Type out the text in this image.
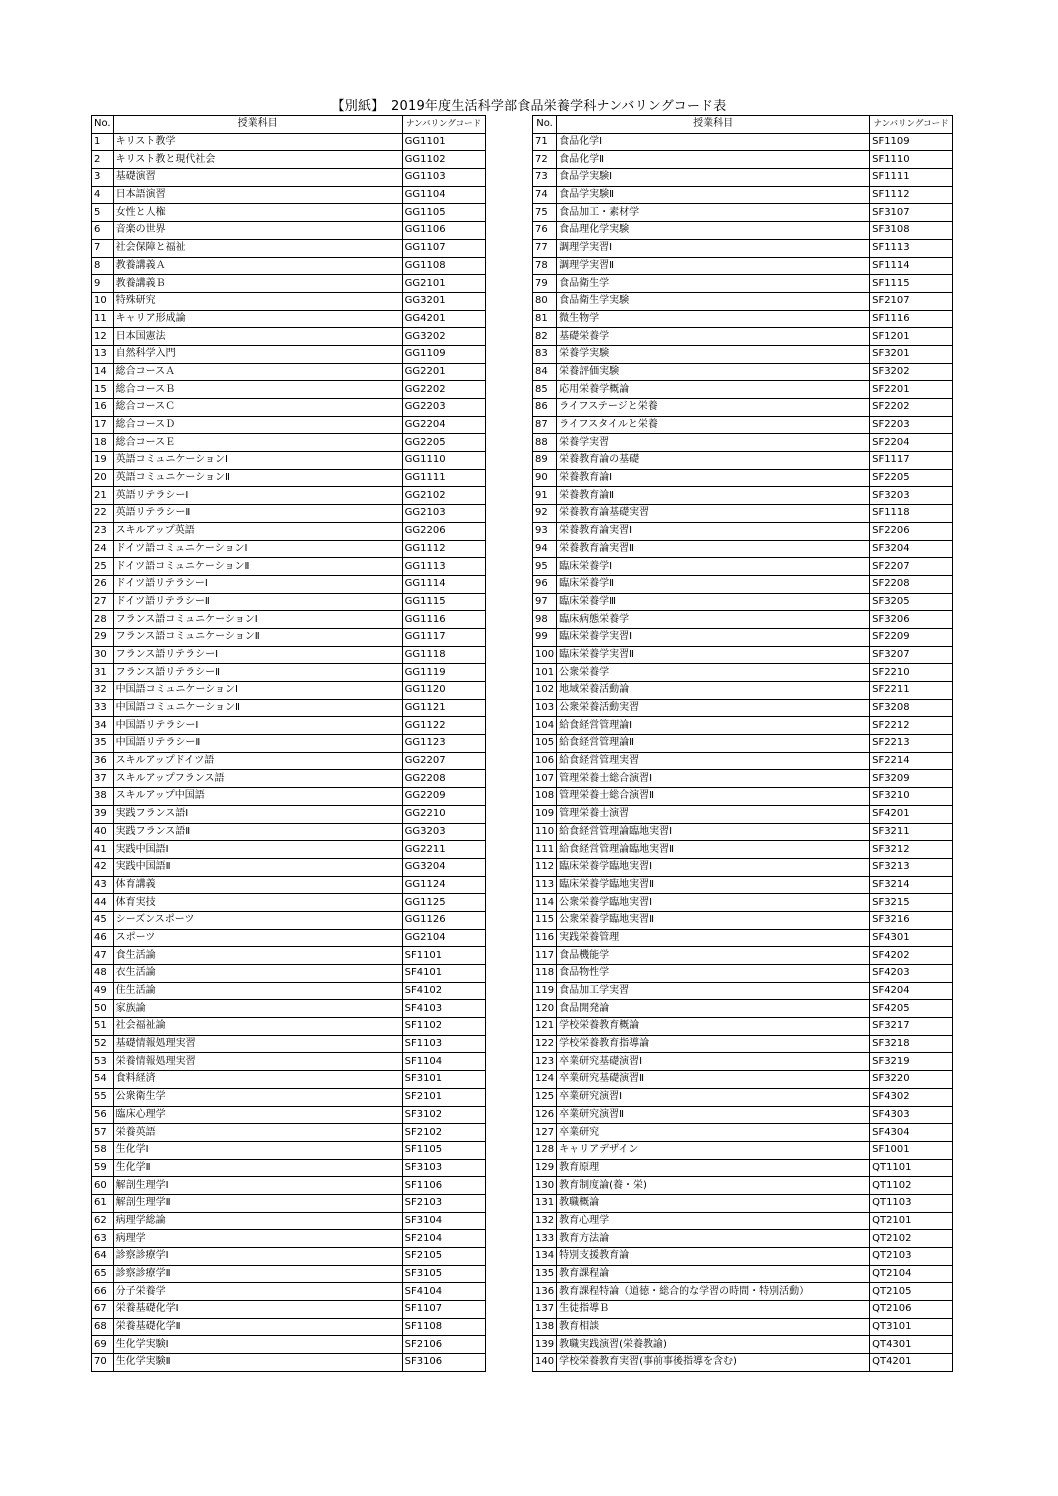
【別紙】　2019年度生活科学部食品栄養学科ナンバリングコード表
No.	授業科目	ナンバリングコード
1	キリスト教学	GG1101
2	キリスト教と現代社会	GG1102
3	基礎演習	GG1103
4	日本語演習	GG1104
5	女性と人権	GG1105
6	音楽の世界	GG1106
7	社会保障と福祉	GG1107
8	教養講義Ａ	GG1108
9	教養講義Ｂ	GG2101
10	特殊研究	GG3201
11	キャリア形成論	GG4201
12	日本国憲法	GG3202
13	自然科学入門	GG1109
14	総合コースＡ	GG2201
15	総合コースＢ	GG2202
16	総合コースＣ	GG2203
17	総合コースＤ	GG2204
18	総合コースＥ	GG2205
19	英語コミュニケーションⅠ	GG1110
20	英語コミュニケーションⅡ	GG1111
21	英語リテラシーⅠ	GG2102
22	英語リテラシーⅡ	GG2103
23	スキルアップ英語	GG2206
24	ドイツ語コミュニケーションⅠ	GG1112
25	ドイツ語コミュニケーションⅡ	GG1113
26	ドイツ語リテラシーⅠ	GG1114
27	ドイツ語リテラシーⅡ	GG1115
28	フランス語コミュニケーションⅠ	GG1116
29	フランス語コミュニケーションⅡ	GG1117
30	フランス語リテラシーⅠ	GG1118
31	フランス語リテラシーⅡ	GG1119
32	中国語コミュニケーションⅠ	GG1120
33	中国語コミュニケーションⅡ	GG1121
34	中国語リテラシーⅠ	GG1122
35	中国語リテラシーⅡ	GG1123
36	スキルアップドイツ語	GG2207
37	スキルアップフランス語	GG2208
38	スキルアップ中国語	GG2209
39	実践フランス語Ⅰ	GG2210
40	実践フランス語Ⅱ	GG3203
41	実践中国語Ⅰ	GG2211
42	実践中国語Ⅱ	GG3204
43	体育講義	GG1124
44	体育実技	GG1125
45	シーズンスポーツ	GG1126
46	スポーツ	GG2104
47	食生活論	SF1101
48	衣生活論	SF4101
49	住生活論	SF4102
50	家族論	SF4103
51	社会福祉論	SF1102
52	基礎情報処理実習	SF1103
53	栄養情報処理実習	SF1104
54	食料経済	SF3101
55	公衆衛生学	SF2101
56	臨床心理学	SF3102
57	栄養英語	SF2102
58	生化学Ⅰ	SF1105
59	生化学Ⅱ	SF3103
60	解剖生理学Ⅰ	SF1106
61	解剖生理学Ⅱ	SF2103
62	病理学総論	SF3104
63	病理学	SF2104
64	診察診療学Ⅰ	SF2105
65	診察診療学Ⅱ	SF3105
66	分子栄養学	SF4104
67	栄養基礎化学Ⅰ	SF1107
68	栄養基礎化学Ⅱ	SF1108
69	生化学実験Ⅰ	SF2106
70	生化学実験Ⅱ	SF3106
No.	授業科目	ナンバリングコード
71	食品化学Ⅰ	SF1109
72	食品化学Ⅱ	SF1110
73	食品学実験Ⅰ	SF1111
74	食品学実験Ⅱ	SF1112
75	食品加工・素材学	SF3107
76	食品理化学実験	SF3108
77	調理学実習Ⅰ	SF1113
78	調理学実習Ⅱ	SF1114
79	食品衛生学	SF1115
80	食品衛生学実験	SF2107
81	微生物学	SF1116
82	基礎栄養学	SF1201
83	栄養学実験	SF3201
84	栄養評価実験	SF3202
85	応用栄養学概論	SF2201
86	ライフステージと栄養	SF2202
87	ライフスタイルと栄養	SF2203
88	栄養学実習	SF2204
89	栄養教育論の基礎	SF1117
90	栄養教育論Ⅰ	SF2205
91	栄養教育論Ⅱ	SF3203
92	栄養教育論基礎実習	SF1118
93	栄養教育論実習Ⅰ	SF2206
94	栄養教育論実習Ⅱ	SF3204
95	臨床栄養学Ⅰ	SF2207
96	臨床栄養学Ⅱ	SF2208
97	臨床栄養学Ⅲ	SF3205
98	臨床病態栄養学	SF3206
99	臨床栄養学実習Ⅰ	SF2209
100	臨床栄養学実習Ⅱ	SF3207
101	公衆栄養学	SF2210
102	地域栄養活動論	SF2211
103	公衆栄養活動実習	SF3208
104	給食経営管理論Ⅰ	SF2212
105	給食経営管理論Ⅱ	SF2213
106	給食経営管理実習	SF2214
107	管理栄養士総合演習Ⅰ	SF3209
108	管理栄養士総合演習Ⅱ	SF3210
109	管理栄養士演習	SF4201
110	給食経営管理論臨地実習Ⅰ	SF3211
111	給食経営管理論臨地実習Ⅱ	SF3212
112	臨床栄養学臨地実習Ⅰ	SF3213
113	臨床栄養学臨地実習Ⅱ	SF3214
114	公衆栄養学臨地実習Ⅰ	SF3215
115	公衆栄養学臨地実習Ⅱ	SF3216
116	実践栄養管理	SF4301
117	食品機能学	SF4202
118	食品物性学	SF4203
119	食品加工学実習	SF4204
120	食品開発論	SF4205
121	学校栄養教育概論	SF3217
122	学校栄養教育指導論	SF3218
123	卒業研究基礎演習Ⅰ	SF3219
124	卒業研究基礎演習Ⅱ	SF3220
125	卒業研究演習Ⅰ	SF4302
126	卒業研究演習Ⅱ	SF4303
127	卒業研究	SF4304
128	キャリアデザイン	SF1001
129	教育原理	QT1101
130	教育制度論(養・栄)	QT1102
131	教職概論	QT1103
132	教育心理学	QT2101
133	教育方法論	QT2102
134	特別支援教育論	QT2103
135	教育課程論	QT2104
136	教育課程特論（道徳・総合的な学習の時間・特別活動）	QT2105
137	生徒指導Ｂ	QT2106
138	教育相談	QT3101
139	教職実践演習(栄養教諭)	QT4301
140	学校栄養教育実習(事前事後指導を含む)	QT4201
